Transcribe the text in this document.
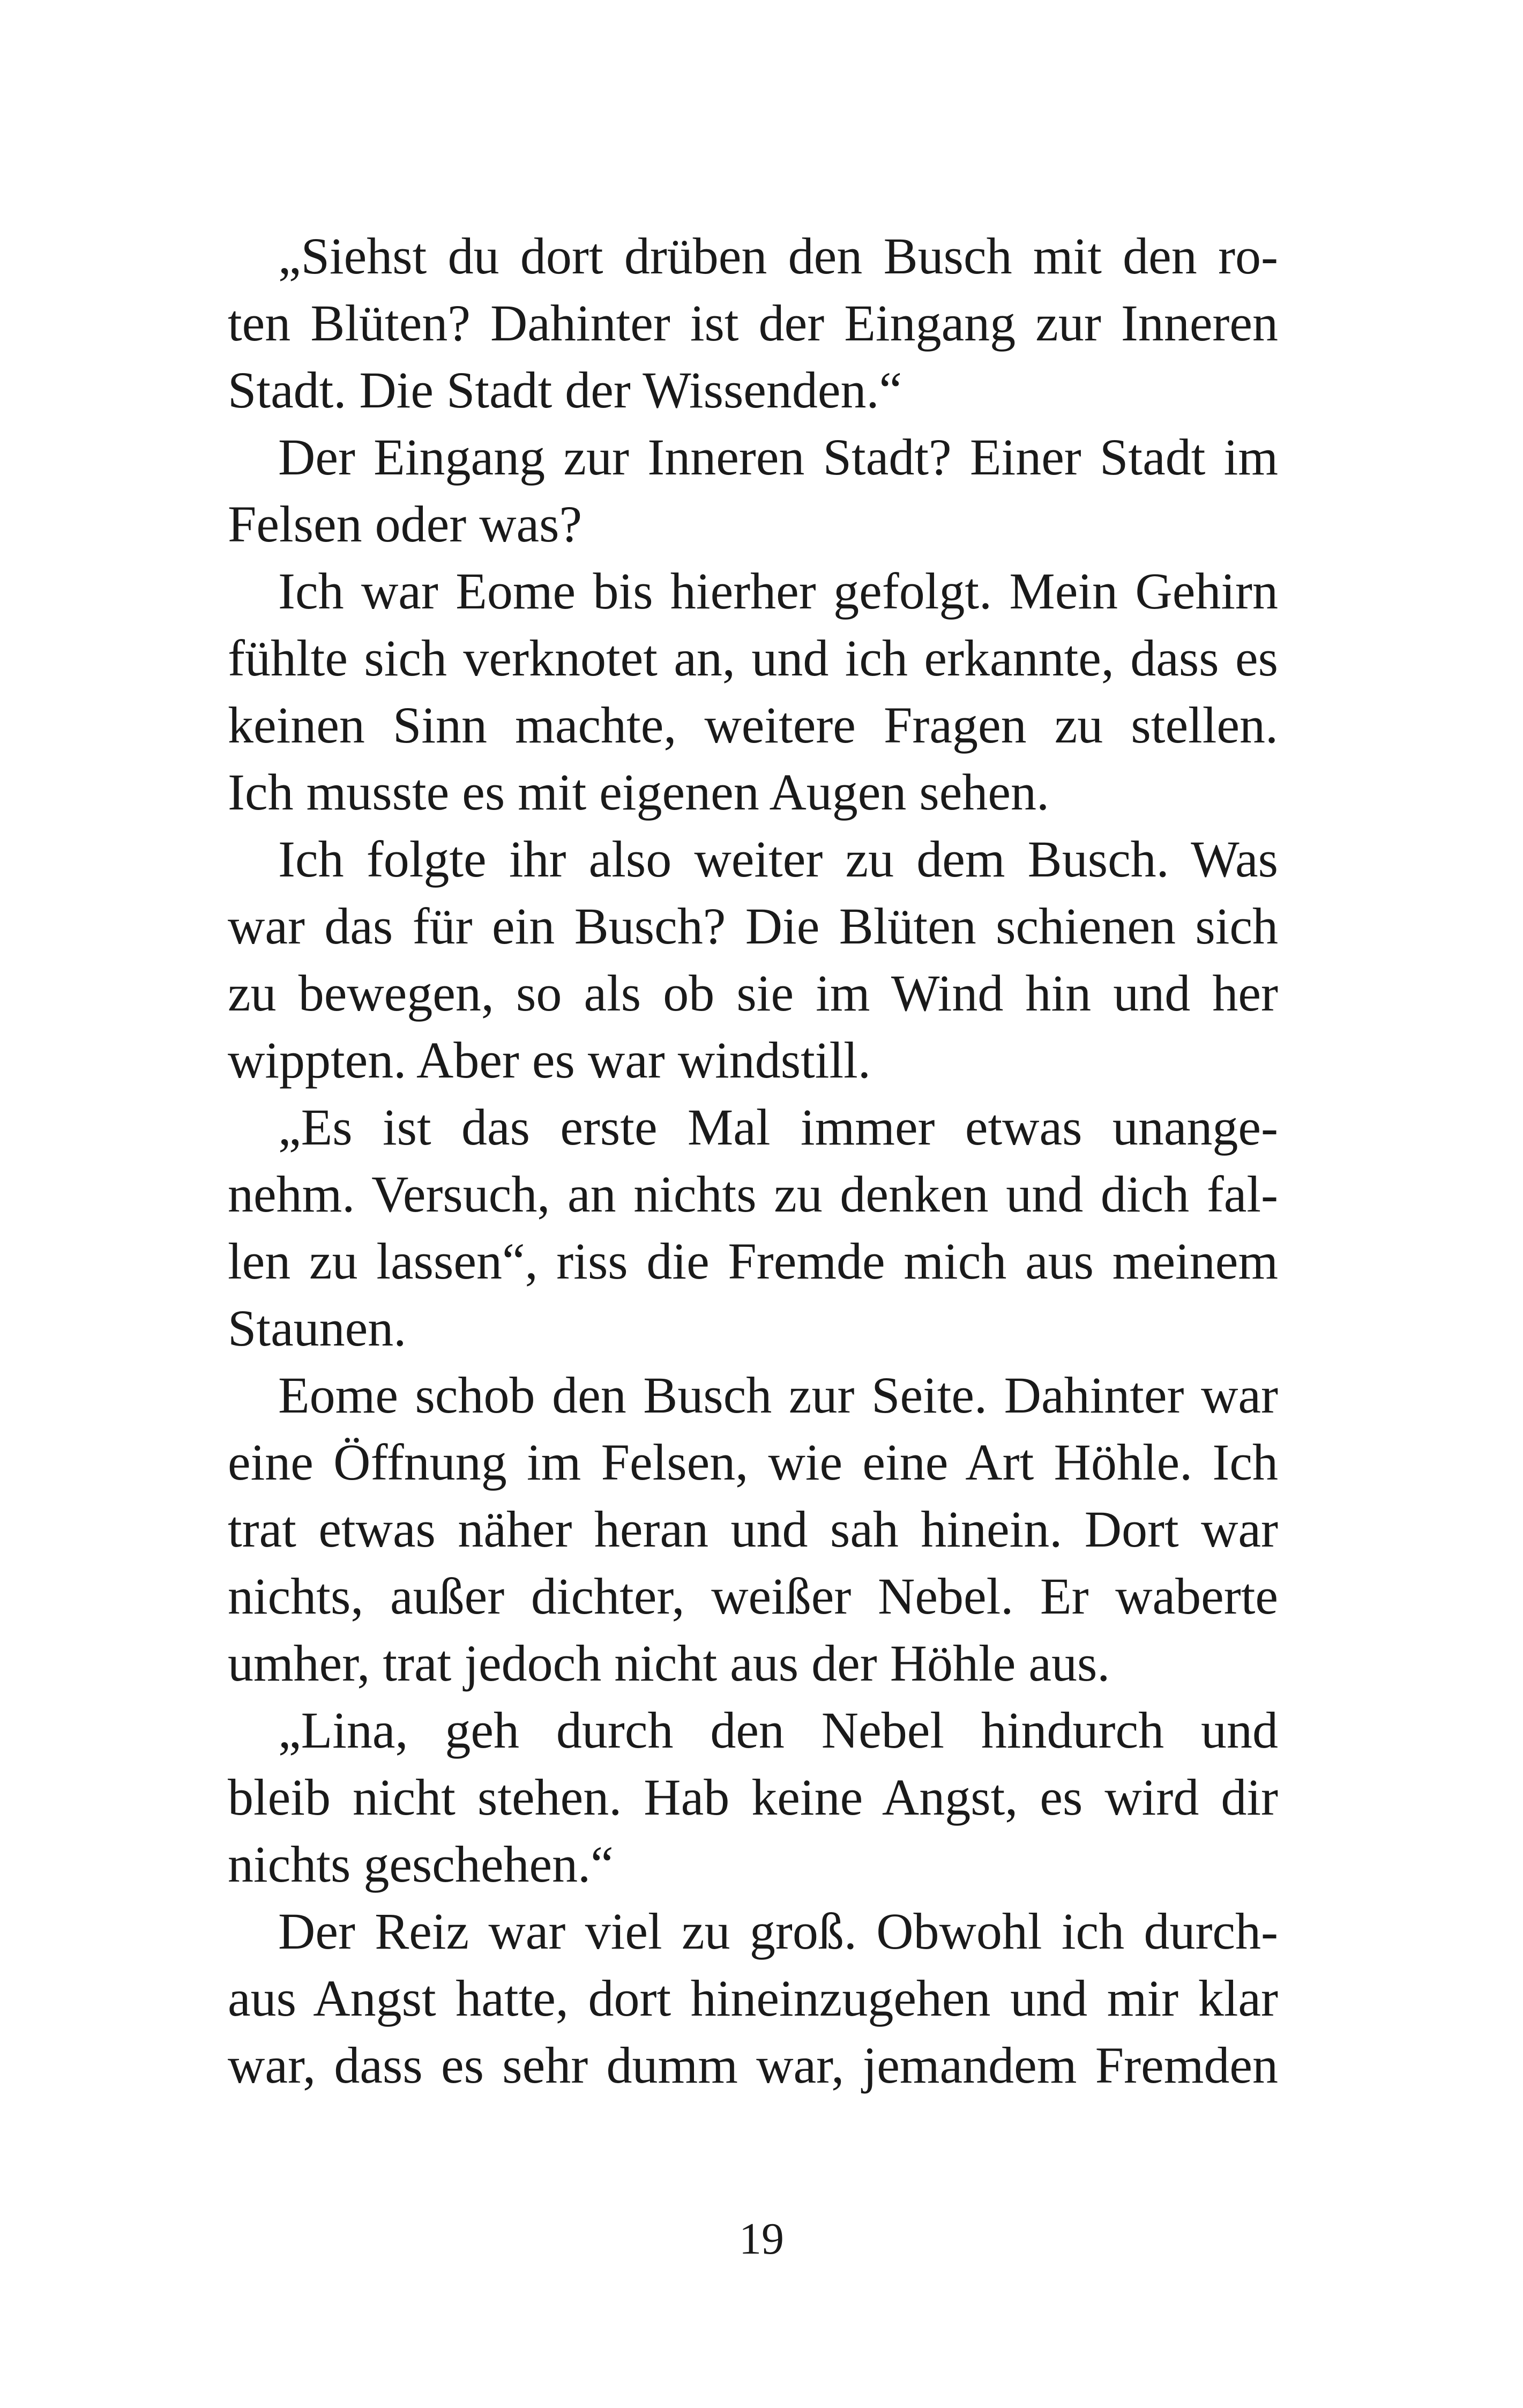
„Siehst du dort drüben den Busch mit den ro-
ten Blüten? Dahinter ist der Eingang zur Inneren
Stadt. Die Stadt der Wissenden.“
Der Eingang zur Inneren Stadt? Einer Stadt im
Felsen oder was?
Ich war Eome bis hierher gefolgt. Mein Gehirn
fühlte sich verknotet an, und ich erkannte, dass es
keinen Sinn machte, weitere Fragen zu stellen.
Ich musste es mit eigenen Augen sehen.
Ich folgte ihr also weiter zu dem Busch. Was
war das für ein Busch? Die Blüten schienen sich
zu bewegen, so als ob sie im Wind hin und her
wippten. Aber es war windstill.
„Es ist das erste Mal immer etwas unange-
nehm. Versuch, an nichts zu denken und dich fal-
len zu lassen“, riss die Fremde mich aus meinem
Staunen.
Eome schob den Busch zur Seite. Dahinter war
eine Öffnung im Felsen, wie eine Art Höhle. Ich
trat etwas näher heran und sah hinein. Dort war
nichts, außer dichter, weißer Nebel. Er waberte
umher, trat jedoch nicht aus der Höhle aus.
„Lina, geh durch den Nebel hindurch und
bleib nicht stehen. Hab keine Angst, es wird dir
nichts geschehen.“
Der Reiz war viel zu groß. Obwohl ich durch-
aus Angst hatte, dort hineinzugehen und mir klar
war, dass es sehr dumm war, jemandem Fremden
19
